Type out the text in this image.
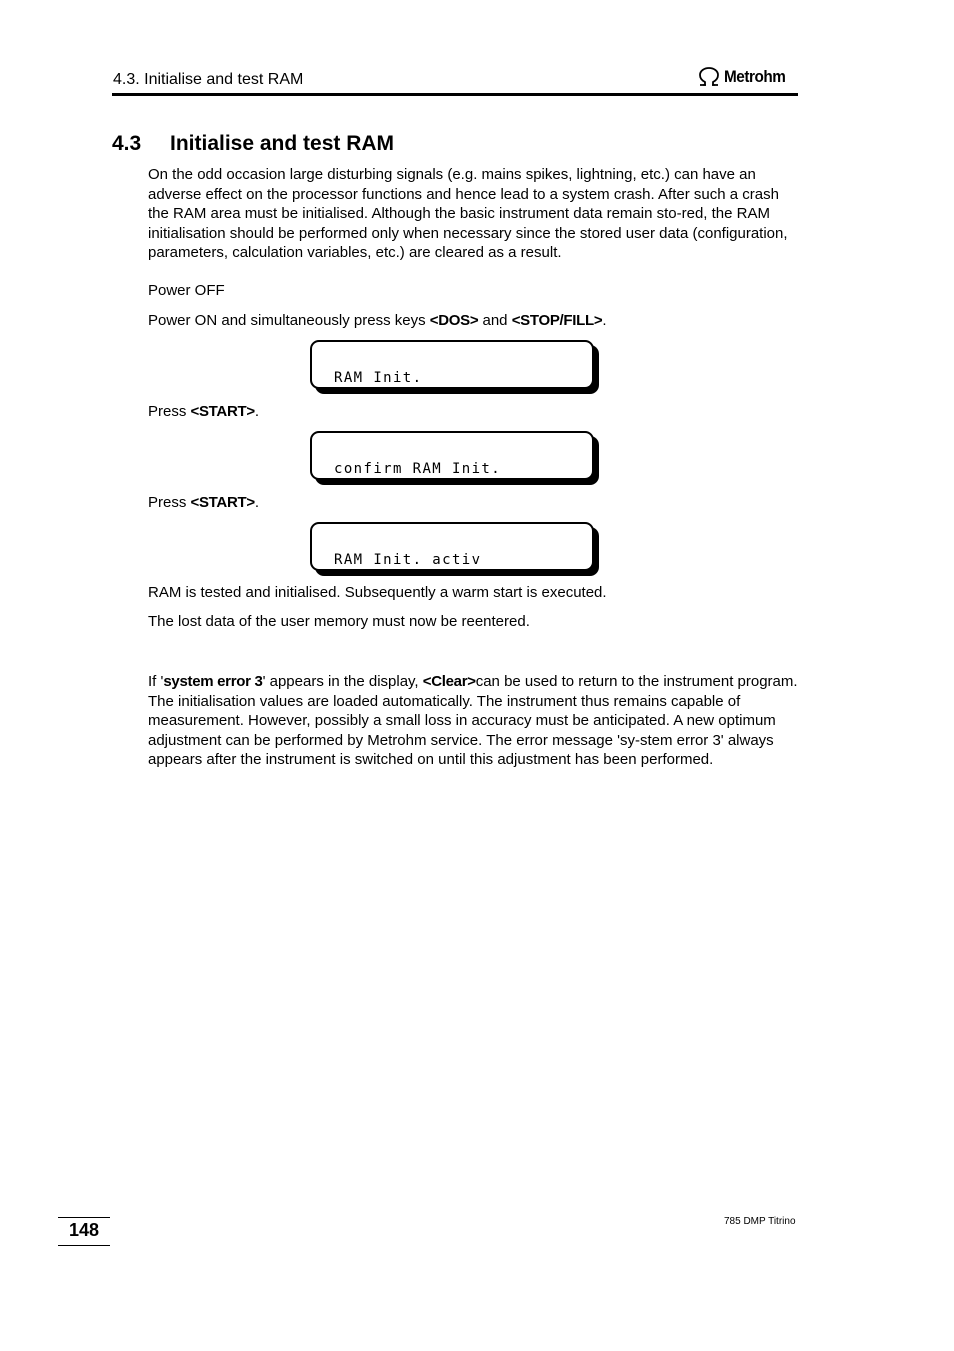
4.3. Initialise and test RAM	Metrohm
4.3	Initialise and test RAM
On the odd occasion large disturbing signals (e.g. mains spikes, lightning, etc.) can have an adverse effect on the processor functions and hence lead to a system crash. After such a crash the RAM area must be initialised. Although the basic instrument data remain sto-red, the RAM initialisation should be performed only when necessary since the stored user data (configuration, parameters, calculation variables, etc.) are cleared as a result.
Power OFF
Power ON and simultaneously press keys <DOS> and <STOP/FILL>.
RAM Init.
Press <START>.
confirm RAM Init.
Press <START>.
RAM Init. activ
RAM is tested and initialised. Subsequently a warm start is executed.
The lost data of the user memory must now be reentered.
If 'system error 3' appears in the display, <Clear>can be used to return to the instrument program. The initialisation values are loaded automatically. The instrument thus remains capable of measurement. However, possibly a small loss in accuracy must be anticipated. A new optimum adjustment can be performed by Metrohm service. The error message 'sy-stem error 3' always appears after the instrument is switched on until this adjustment has been performed.
148	785 DMP Titrino
